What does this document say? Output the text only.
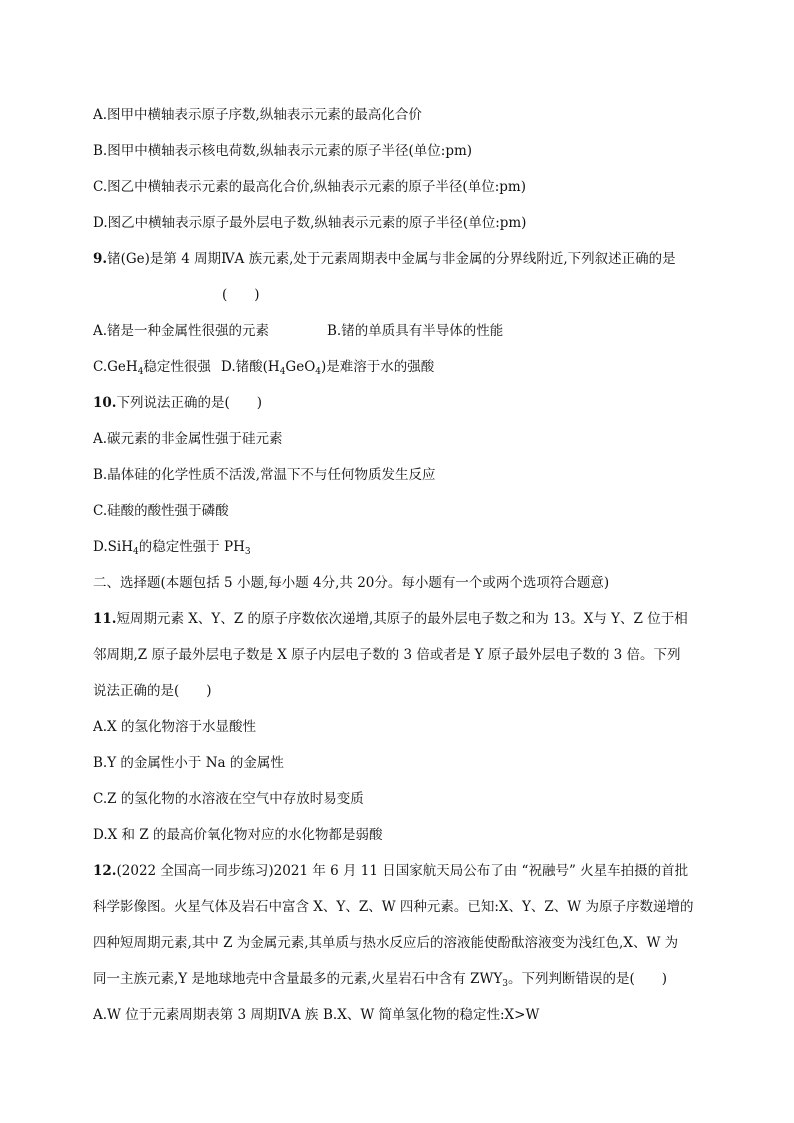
A.图甲中横轴表示原子序数,纵轴表示元素的最高化合价
B.图甲中横轴表示核电荷数,纵轴表示元素的原子半径(单位:pm)
C.图乙中横轴表示元素的最高化合价,纵轴表示元素的原子半径(单位:pm)
D.图乙中横轴表示原子最外层电子数,纵轴表示元素的原子半径(单位:pm)
9.锗(Ge)是第 4 周期ⅣA 族元素,处于元素周期表中金属与非金属的分界线附近,下列叙述正确的是
(　　)
A.锗是一种金属性很强的元素	B.锗的单质具有半导体的性能
C.GeH$_4$稳定性很强 D.锗酸$(H_4GeO_4)$是难溶于水的强酸
10.下列说法正确的是(　　)
A.碳元素的非金属性强于硅元素
B.晶体硅的化学性质不活泼,常温下不与任何物质发生反应
C.硅酸的酸性强于磷酸
D.SiH$_4$的稳定性强于 $PH_3$
二、选择题(本题包括 5 小题,每小题 4分,共 20分。每小题有一个或两个选项符合题意)
11.短周期元素 X、Y、Z 的原子序数依次递增,其原子的最外层电子数之和为 13。X与 Y、Z 位于相
邻周期,Z 原子最外层电子数是 X 原子内层电子数的 3 倍或者是 Y 原子最外层电子数的 3 倍。下列
说法正确的是(　　)
A.X 的氢化物溶于水显酸性
B.Y 的金属性小于 Na 的金属性
C.Z 的氢化物的水溶液在空气中存放时易变质
D.X 和 Z 的最高价氧化物对应的水化物都是弱酸
12.(2022 全国高一同步练习)2021 年 6 月 11 日国家航天局公布了由 “祝融号” 火星车拍摄的首批
科学影像图。火星气体及岩石中富含 X、Y、Z、W 四种元素。已知:X、Y、Z、W 为原子序数递增的
四种短周期元素,其中 Z 为金属元素,其单质与热水反应后的溶液能使酚酞溶液变为浅红色,X、W 为
同一主族元素,Y 是地球地壳中含量最多的元素,火星岩石中含有 $ZWY_3$。下列判断错误的是(　　)
A.W 位于元素周期表第 3 周期ⅣA 族 B.X、W 简单氢化物的稳定性:X>W
